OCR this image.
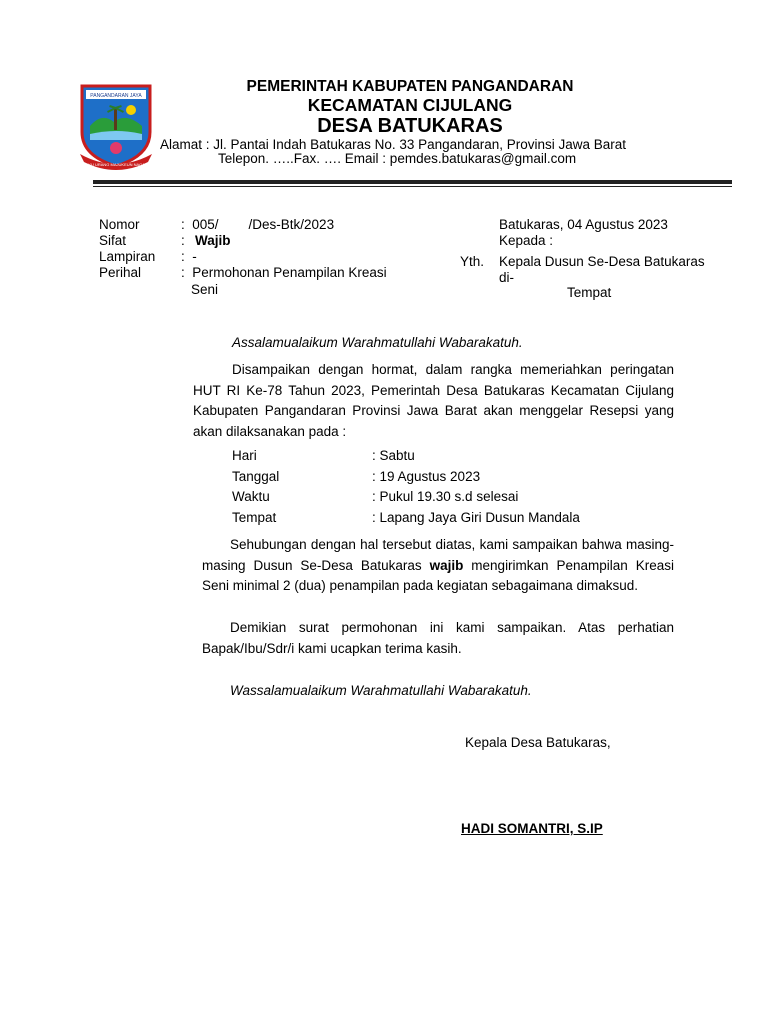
PANGANDARAN JAYA
HAYU URANG MAJUKEUN NAGARI
PEMERINTAH KABUPATEN PANGANDARAN
KECAMATAN CIJULANG
DESA BATUKARAS
Alamat : Jl. Pantai Indah Batukaras No. 33 Pangandaran, Provinsi Jawa Barat
Telepon. …..Fax. …. Email : pemdes.batukaras@gmail.com
Nomor	:  005/        /Des-Btk/2023
Sifat	: Wajib
Lampiran :  -
Perihal	:  Permohonan Penampilan Kreasi
Seni
Batukaras, 04 Agustus 2023
Kepada :
Yth. Kepala Dusun Se-Desa Batukaras
di-
Tempat
Assalamualaikum Warahmatullahi Wabarakatuh.
Disampaikan dengan hormat, dalam rangka memeriahkan peringatan HUT RI Ke-78 Tahun 2023, Pemerintah Desa Batukaras Kecamatan Cijulang Kabupaten Pangandaran Provinsi Jawa Barat akan menggelar Resepsi yang akan dilaksanakan pada :
Hari	: Sabtu
Tanggal	: 19 Agustus 2023
Waktu	: Pukul 19.30 s.d selesai
Tempat	: Lapang Jaya Giri Dusun Mandala
Sehubungan dengan hal tersebut diatas, kami sampaikan bahwa masing-masing Dusun Se-Desa Batukaras wajib mengirimkan Penampilan Kreasi Seni minimal 2 (dua) penampilan pada kegiatan sebagaimana dimaksud.
Demikian surat permohonan ini kami sampaikan. Atas perhatian Bapak/Ibu/Sdr/i kami ucapkan terima kasih.
Wassalamualaikum Warahmatullahi Wabarakatuh.
Kepala Desa Batukaras,
HADI SOMANTRI, S.IP
